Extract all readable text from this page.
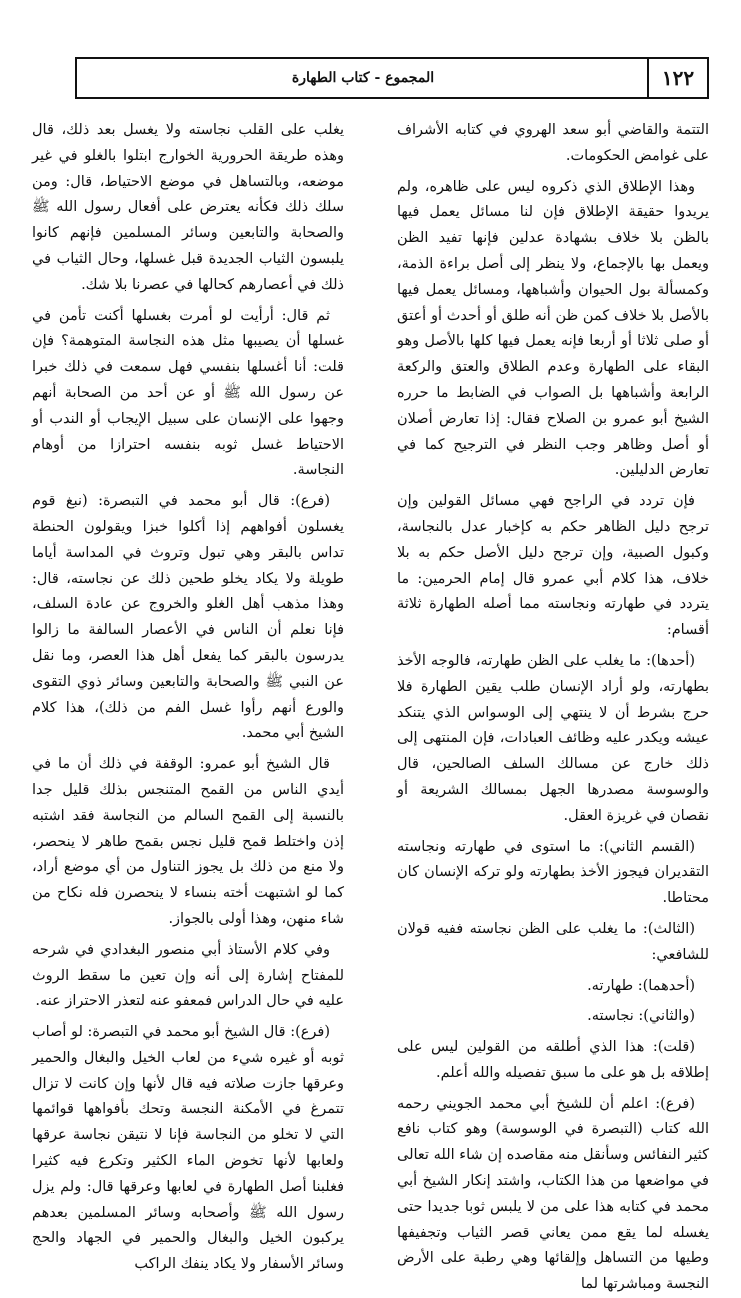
١٢٢
المجموع - كتاب الطهارة

التتمة والقاضي أبو سعد الهروي في كتابه الأشراف على غوامض الحكومات.

وهذا الإطلاق الذي ذكروه ليس على ظاهره، ولم يريدوا حقيقة الإطلاق فإن لنا مسائل يعمل فيها بالظن بلا خلاف بشهادة عدلين فإنها تفيد الظن ويعمل بها بالإجماع، ولا ينظر إلى أصل براءة الذمة، وكمسألة بول الحيوان وأشباهها، ومسائل يعمل فيها بالأصل بلا خلاف كمن ظن أنه طلق أو أحدث أو أعتق أو صلى ثلاثا أو أربعا فإنه يعمل فيها كلها بالأصل وهو البقاء على الطهارة وعدم الطلاق والعتق والركعة الرابعة وأشباهها بل الصواب في الضابط ما حرره الشيخ أبو عمرو بن الصلاح فقال: إذا تعارض أصلان أو أصل وظاهر وجب النظر في الترجيح كما في تعارض الدليلين.

فإن تردد في الراجح فهي مسائل القولين وإن ترجح دليل الظاهر حكم به كإخبار عدل بالنجاسة، وكبول الصبية، وإن ترجح دليل الأصل حكم به بلا خلاف، هذا كلام أبي عمرو قال إمام الحرمين: ما يتردد في طهارته ونجاسته مما أصله الطهارة ثلاثة أقسام:

(أحدها): ما يغلب على الظن طهارته، فالوجه الأخذ بطهارته، ولو أراد الإنسان طلب يقين الطهارة فلا حرج بشرط أن لا ينتهي إلى الوسواس الذي يتنكد عيشه ويكدر عليه وظائف العبادات، فإن المنتهى إلى ذلك خارج عن مسالك السلف الصالحين، قال والوسوسة مصدرها الجهل بمسالك الشريعة أو نقصان في غريزة العقل.

(القسم الثاني): ما استوى في طهارته ونجاسته التقديران فيجوز الأخذ بطهارته ولو تركه الإنسان كان محتاطا.

(الثالث): ما يغلب على الظن نجاسته ففيه قولان للشافعي:

(أحدهما): طهارته.

(والثاني): نجاسته.

(قلت): هذا الذي أطلقه من القولين ليس على إطلاقه بل هو على ما سبق تفصيله والله أعلم.

(فرع): اعلم أن للشيخ أبي محمد الجويني رحمه الله كتاب (التبصرة في الوسوسة) وهو كتاب نافع كثير النفائس وسأنقل منه مقاصده إن شاء الله تعالى في مواضعها من هذا الكتاب، واشتد إنكار الشيخ أبي محمد في كتابه هذا على من لا يلبس ثوبا جديدا حتى يغسله لما يقع ممن يعاني قصر الثياب وتجفيفها وطيها من التساهل وإلقائها وهي رطبة على الأرض النجسة ومباشرتها لما

يغلب على القلب نجاسته ولا يغسل بعد ذلك، قال وهذه طريقة الحرورية الخوارج ابتلوا بالغلو في غير موضعه، وبالتساهل في موضع الاحتياط، قال: ومن سلك ذلك فكأنه يعترض على أفعال رسول الله ﷺ والصحابة والتابعين وسائر المسلمين فإنهم كانوا يلبسون الثياب الجديدة قبل غسلها، وحال الثياب في ذلك في أعصارهم كحالها في عصرنا بلا شك.

ثم قال: أرأيت لو أمرت بغسلها أكنت تأمن في غسلها أن يصيبها مثل هذه النجاسة المتوهمة؟ فإن قلت: أنا أغسلها بنفسي فهل سمعت في ذلك خبرا عن رسول الله ﷺ أو عن أحد من الصحابة أنهم وجهوا على الإنسان على سبيل الإيجاب أو الندب أو الاحتياط غسل ثوبه بنفسه احترازا من أوهام النجاسة.

(فرع): قال أبو محمد في التبصرة: (نبغ قوم يغسلون أفواههم إذا أكلوا خبزا ويقولون الحنطة تداس بالبقر وهي تبول وتروث في المداسة أياما طويلة ولا يكاد يخلو طحين ذلك عن نجاسته، قال: وهذا مذهب أهل الغلو والخروج عن عادة السلف، فإنا نعلم أن الناس في الأعصار السالفة ما زالوا يدرسون بالبقر كما يفعل أهل هذا العصر، وما نقل عن النبي ﷺ والصحابة والتابعين وسائر ذوي التقوى والورع أنهم رأوا غسل الفم من ذلك)، هذا كلام الشيخ أبي محمد.

قال الشيخ أبو عمرو: الوقفة في ذلك أن ما في أيدي الناس من القمح المتنجس بذلك قليل جدا بالنسبة إلى القمح السالم من النجاسة فقد اشتبه إذن واختلط قمح قليل نجس بقمح طاهر لا ينحصر، ولا منع من ذلك بل يجوز التناول من أي موضع أراد، كما لو اشتبهت أخته بنساء لا ينحصرن فله نكاح من شاء منهن، وهذا أولى بالجواز.

وفي كلام الأستاذ أبي منصور البغدادي في شرحه للمفتاح إشارة إلى أنه وإن تعين ما سقط الروث عليه في حال الدراس فمعفو عنه لتعذر الاحتراز عنه.

(فرع): قال الشيخ أبو محمد في التبصرة: لو أصاب ثوبه أو غيره شيء من لعاب الخيل والبغال والحمير وعرقها جازت صلاته فيه قال لأنها وإن كانت لا تزال تتمرغ في الأمكنة النجسة وتحك بأفواهها قوائمها التي لا تخلو من النجاسة فإنا لا نتيقن نجاسة عرقها ولعابها لأنها تخوض الماء الكثير وتكرع فيه كثيرا فغلبنا أصل الطهارة في لعابها وعرقها قال: ولم يزل رسول الله ﷺ وأصحابه وسائر المسلمين بعدهم يركبون الخيل والبغال والحمير في الجهاد والحج وسائر الأسفار ولا يكاد ينفك الراكب
